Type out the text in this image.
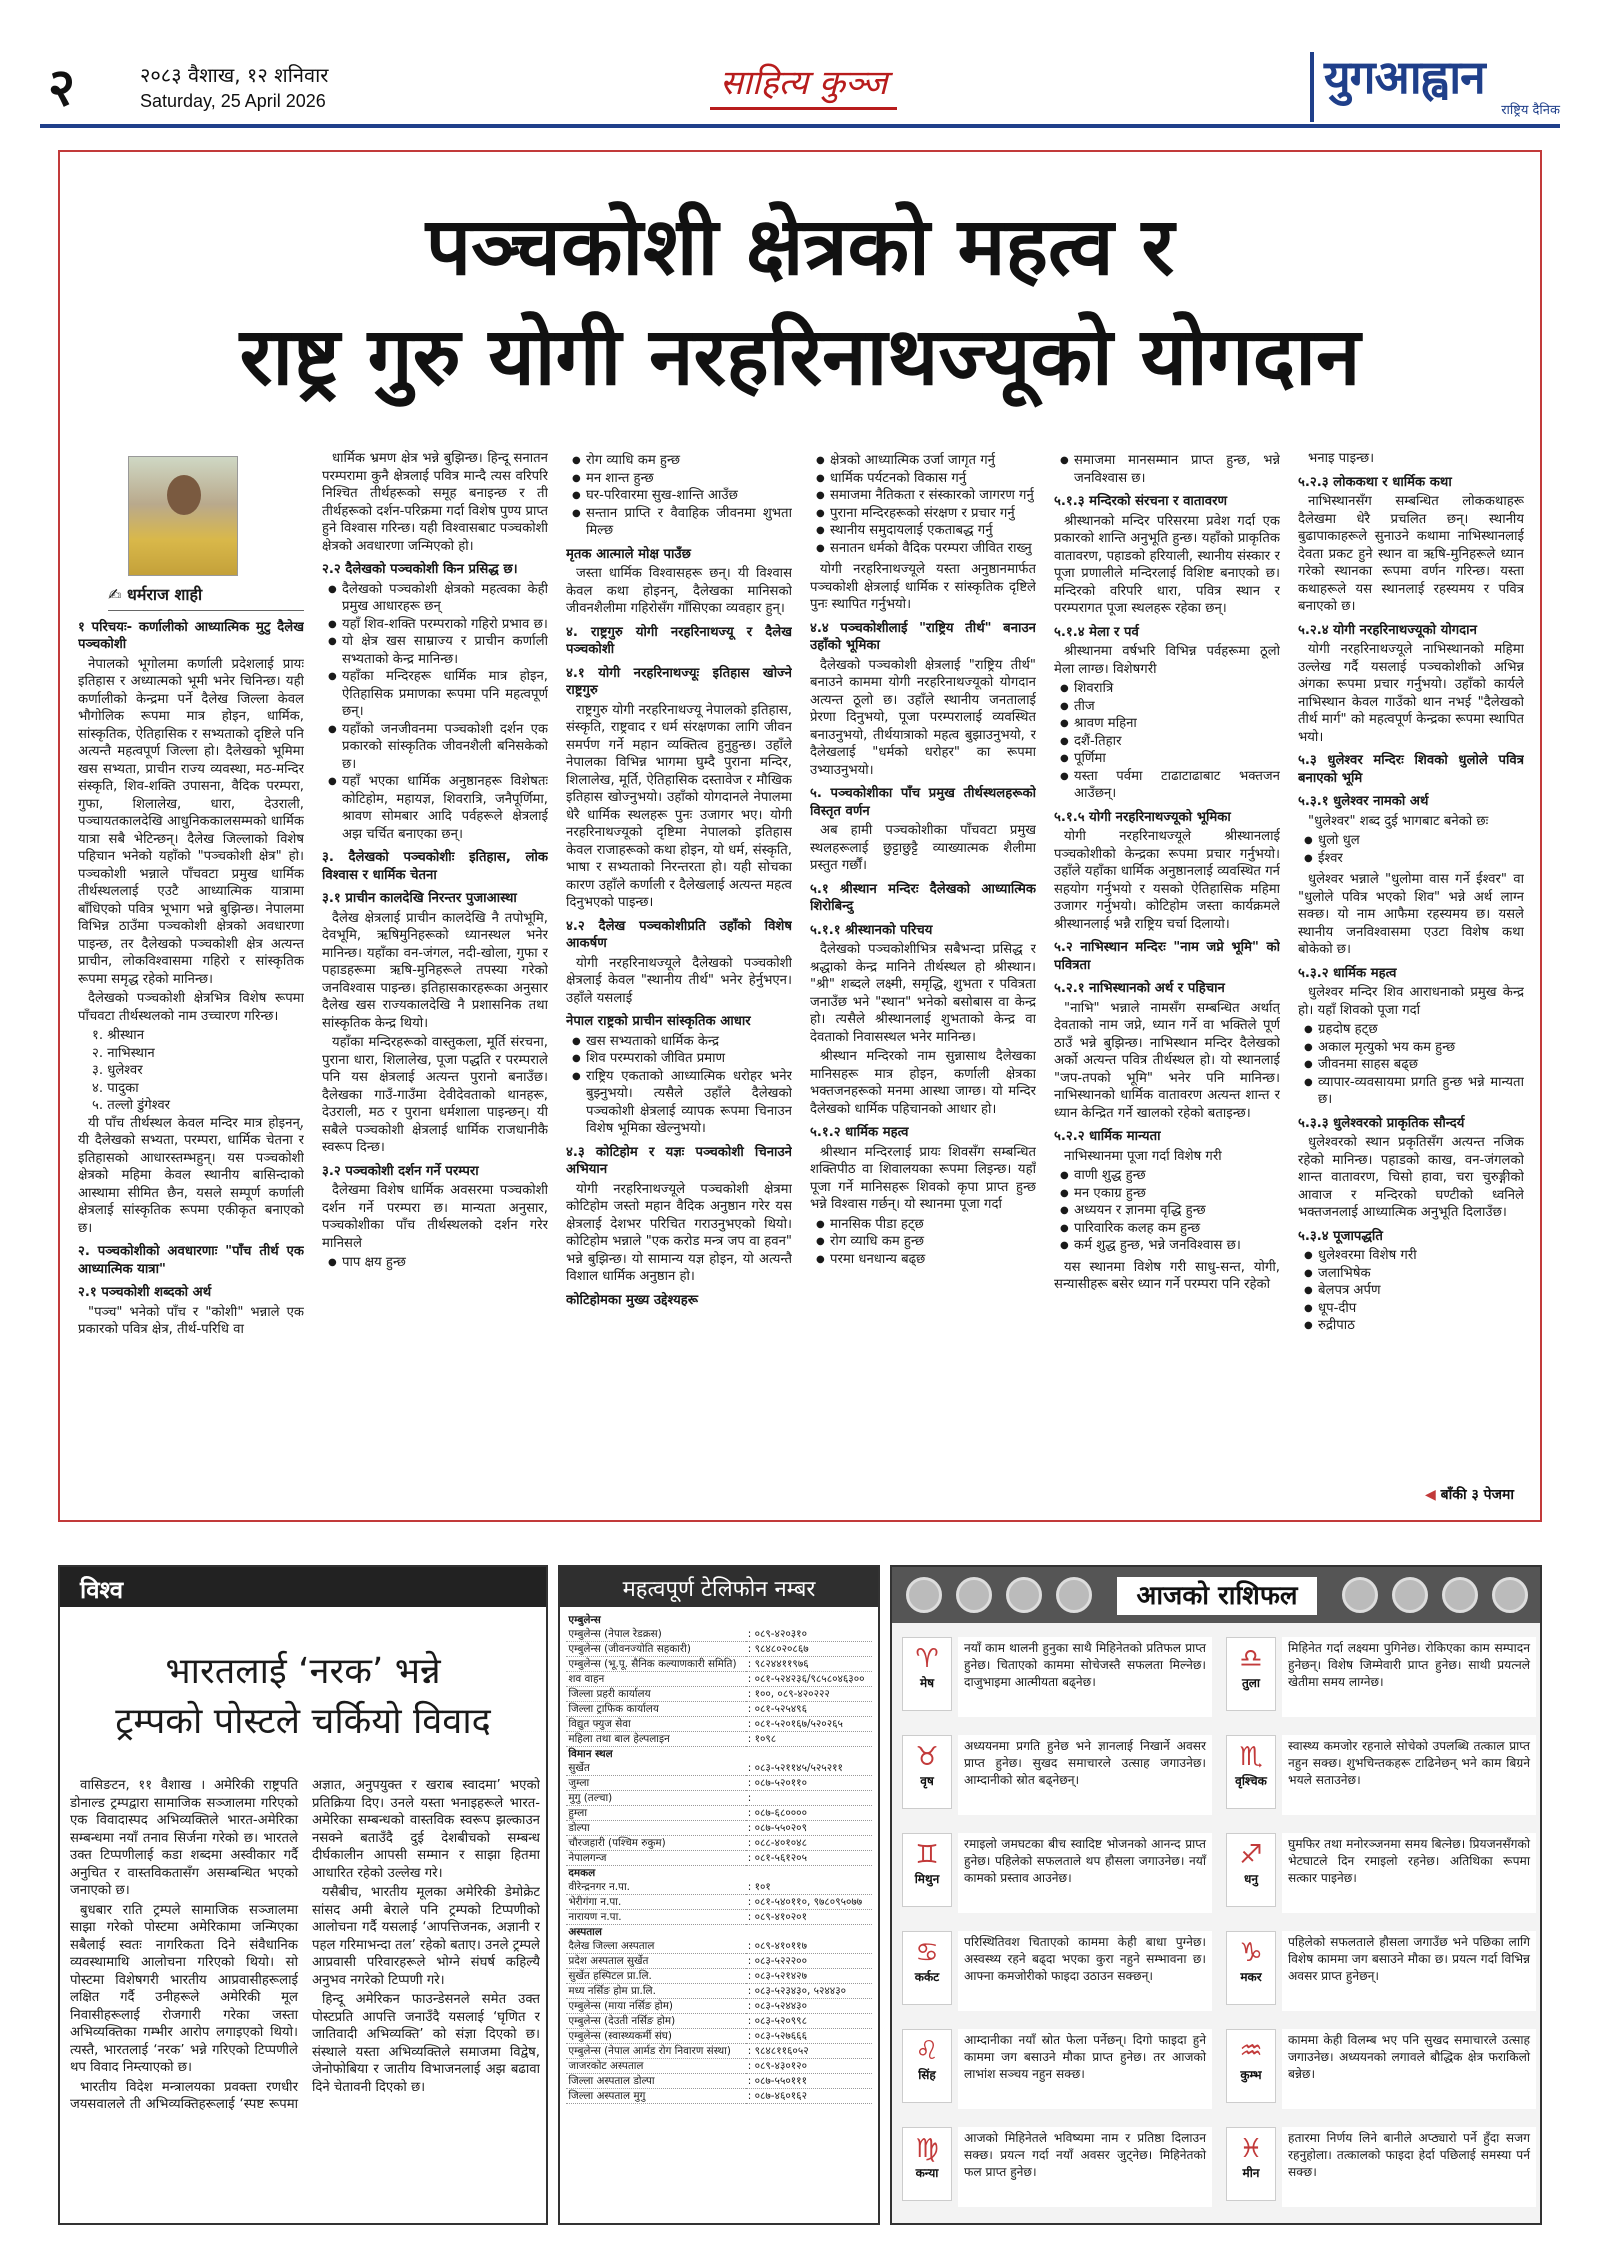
२	२०८३ वैशाख, १२ शनिवार
Saturday, 25 April 2026	साहित्य कुञ्ज	युगआह्वान
राष्ट्रिय दैनिक
पञ्चकोशी क्षेत्रको महत्व र
राष्ट्र गुरु योगी नरहरिनाथज्यूको योगदान
✍ धर्मराज शाही
१ परिचयः- कर्णालीको आध्यात्मिक मुटु दैलेख पञ्चकोशी

नेपालको भूगोलमा कर्णाली प्रदेशलाई प्रायः इतिहास र अध्यात्मको भूमी भनेर चिनिन्छ। यही कर्णालीको केन्द्रमा पर्ने दैलेख जिल्ला केवल भौगोलिक रूपमा मात्र होइन, धार्मिक, सांस्कृतिक, ऐतिहासिक र सभ्यताको दृष्टिले पनि अत्यन्तै महत्वपूर्ण जिल्ला हो। दैलेखको भूमिमा खस सभ्यता, प्राचीन राज्य व्यवस्था, मठ-मन्दिर संस्कृति, शिव-शक्ति उपासना, वैदिक परम्परा, गुफा, शिलालेख, धारा, देउराली, पञ्चायतकालदेखि आधुनिककालसम्मको धार्मिक यात्रा सबै भेटिन्छन्। दैलेख जिल्लाको विशेष पहिचान भनेको यहाँको "पञ्चकोशी क्षेत्र" हो। पञ्चकोशी भन्नाले पाँचवटा प्रमुख धार्मिक तीर्थस्थललाई एउटै आध्यात्मिक यात्रामा बाँधिएको पवित्र भूभाग भन्ने बुझिन्छ। नेपालमा विभिन्न ठाउँमा पञ्चकोशी क्षेत्रको अवधारणा पाइन्छ, तर दैलेखको पञ्चकोशी क्षेत्र अत्यन्त प्राचीन, लोकविश्वासमा गहिरो र सांस्कृतिक रूपमा समृद्ध रहेको मानिन्छ।

दैलेखको पञ्चकोशी क्षेत्रभित्र विशेष रूपमा पाँचवटा तीर्थस्थलको नाम उच्चारण गरिन्छ।

१. श्रीस्थान
२. नाभिस्थान
३. धुलेश्वर
४. पादुका
५. तल्लो डुंगेश्वर

यी पाँच तीर्थस्थल केवल मन्दिर मात्र होइनन्, यी दैलेखको सभ्यता, परम्परा, धार्मिक चेतना र इतिहासको आधारस्तम्भहुन्। यस पञ्चकोशी क्षेत्रको महिमा केवल स्थानीय बासिन्दाको आस्थामा सीमित छैन, यसले सम्पूर्ण कर्णाली क्षेत्रलाई सांस्कृतिक रूपमा एकीकृत बनाएको छ।

२. पञ्चकोशीको अवधारणाः "पाँच तीर्थ एक आध्यात्मिक यात्रा"
२.१ पञ्चकोशी शब्दको अर्थ

"पञ्च" भनेको पाँच र "कोशी" भन्नाले एक प्रकारको पवित्र क्षेत्र, तीर्थ-परिधि वा

धार्मिक भ्रमण क्षेत्र भन्ने बुझिन्छ। हिन्दू सनातन परम्परामा कुनै क्षेत्रलाई पवित्र मान्दै त्यस वरिपरि निश्चित तीर्थहरूको समूह बनाइन्छ र ती तीर्थहरूको दर्शन-परिक्रमा गर्दा विशेष पुण्य प्राप्त हुने विश्वास गरिन्छ। यही विश्वासबाट पञ्चकोशी क्षेत्रको अवधारणा जन्मिएको हो।

२.२ दैलेखको पञ्चकोशी किन प्रसिद्ध छ।
● दैलेखको पञ्चकोशी क्षेत्रको महत्वका केही प्रमुख आधारहरू छन्
● यहाँ शिव-शक्ति परम्पराको गहिरो प्रभाव छ।
● यो क्षेत्र खस साम्राज्य र प्राचीन कर्णाली सभ्यताको केन्द्र मानिन्छ।
● यहाँका मन्दिरहरू धार्मिक मात्र होइन, ऐतिहासिक प्रमाणका रूपमा पनि महत्वपूर्ण छन्।
● यहाँको जनजीवनमा पञ्चकोशी दर्शन एक प्रकारको सांस्कृतिक जीवनशैली बनिसकेको छ।
● यहाँ भएका धार्मिक अनुष्ठानहरू विशेषतः कोटिहोम, महायज्ञ, शिवरात्रि, जनैपूर्णिमा, श्रावण सोमबार आदि पर्वहरूले क्षेत्रलाई अझ चर्चित बनाएका छन्।
३. दैलेखको पञ्चकोशीः इतिहास, लोक विश्वास र धार्मिक चेतना
३.१ प्राचीन कालदेखि निरन्तर पुजाआस्था

दैलेख क्षेत्रलाई प्राचीन कालदेखि नै तपोभूमि, देवभूमि, ऋषिमुनिहरूको ध्यानस्थल भनेर मानिन्छ। यहाँका वन-जंगल, नदी-खोला, गुफा र पहाडहरूमा ऋषि-मुनिहरूले तपस्या गरेको जनविश्वास पाइन्छ। इतिहासकारहरूका अनुसार दैलेख खस राज्यकालदेखि नै प्रशासनिक तथा सांस्कृतिक केन्द्र थियो।

यहाँका मन्दिरहरूको वास्तुकला, मूर्ति संरचना, पुराना धारा, शिलालेख, पूजा पद्धति र परम्पराले पनि यस क्षेत्रलाई अत्यन्त पुरानो बनाउँछ। दैलेखका गाउँ-गाउँमा देवीदेवताको थानहरू, देउराली, मठ र पुराना धर्मशाला पाइन्छन्। यी सबैले पञ्चकोशी क्षेत्रलाई धार्मिक राजधानीकै स्वरूप दिन्छ।

३.२ पञ्चकोशी दर्शन गर्ने परम्परा

दैलेखमा विशेष धार्मिक अवसरमा पञ्चकोशी दर्शन गर्ने परम्परा छ। मान्यता अनुसार, पञ्चकोशीका पाँच तीर्थस्थलको दर्शन गरेर मानिसले

● पाप क्षय हुन्छ
● रोग व्याधि कम हुन्छ
● मन शान्त हुन्छ
● घर-परिवारमा सुख-शान्ति आउँछ
● सन्तान प्राप्ति र वैवाहिक जीवनमा शुभता मिल्छ
मृतक आत्माले मोक्ष पाउँछ

जस्ता धार्मिक विश्वासहरू छन्। यी विश्वास केवल कथा होइनन्, दैलेखका मानिसको जीवनशैलीमा गहिरोसँग गाँसिएका व्यवहार हुन्।

४. राष्ट्रगुरु योगी नरहरिनाथज्यू र दैलेख पञ्चकोशी
४.१ योगी नरहरिनाथज्यूः इतिहास खोज्ने राष्ट्रगुरु

राष्ट्रगुरु योगी नरहरिनाथज्यू नेपालको इतिहास, संस्कृति, राष्ट्रवाद र धर्म संरक्षणका लागि जीवन समर्पण गर्ने महान व्यक्तित्व हुनुहुन्छ। उहाँले नेपालका विभिन्न भागमा घुम्दै पुराना मन्दिर, शिलालेख, मूर्ति, ऐतिहासिक दस्तावेज र मौखिक इतिहास खोज्नुभयो। उहाँको योगदानले नेपालमा धेरै धार्मिक स्थलहरू पुनः उजागर भए। योगी नरहरिनाथज्यूको दृष्टिमा नेपालको इतिहास केवल राजाहरूको कथा होइन, यो धर्म, संस्कृति, भाषा र सभ्यताको निरन्तरता हो। यही सोचका कारण उहाँले कर्णाली र दैलेखलाई अत्यन्त महत्व दिनुभएको पाइन्छ।

४.२ दैलेख पञ्चकोशीप्रति उहाँको विशेष आकर्षण

योगी नरहरिनाथज्यूले दैलेखको पञ्चकोशी क्षेत्रलाई केवल "स्थानीय तीर्थ" भनेर हेर्नुभएन। उहाँले यसलाई

नेपाल राष्ट्रको प्राचीन सांस्कृतिक आधार
● खस सभ्यताको धार्मिक केन्द्र
● शिव परम्पराको जीवित प्रमाण
● राष्ट्रिय एकताको आध्यात्मिक धरोहर भनेर बुझ्नुभयो। त्यसैले उहाँले दैलेखको पञ्चकोशी क्षेत्रलाई व्यापक रूपमा चिनाउन विशेष भूमिका खेल्नुभयो।
४.३ कोटिहोम र यज्ञः पञ्चकोशी चिनाउने अभियान

योगी नरहरिनाथज्यूले पञ्चकोशी क्षेत्रमा कोटिहोम जस्तो महान वैदिक अनुष्ठान गरेर यस क्षेत्रलाई देशभर परिचित गराउनुभएको थियो। कोटिहोम भन्नाले "एक करोड मन्त्र जप वा हवन" भन्ने बुझिन्छ। यो सामान्य यज्ञ होइन, यो अत्यन्तै विशाल धार्मिक अनुष्ठान हो।

कोटिहोमका मुख्य उद्देश्यहरू
● क्षेत्रको आध्यात्मिक उर्जा जागृत गर्नु
● धार्मिक पर्यटनको विकास गर्नु
● समाजमा नैतिकता र संस्कारको जागरण गर्नु
● पुराना मन्दिरहरूको संरक्षण र प्रचार गर्नु
● स्थानीय समुदायलाई एकताबद्ध गर्नु
● सनातन धर्मको वैदिक परम्परा जीवित राख्नु

योगी नरहरिनाथज्यूले यस्ता अनुष्ठानमार्फत पञ्चकोशी क्षेत्रलाई धार्मिक र सांस्कृतिक दृष्टिले पुनः स्थापित गर्नुभयो।

४.४ पञ्चकोशीलाई "राष्ट्रिय तीर्थ" बनाउन उहाँको भूमिका

दैलेखको पञ्चकोशी क्षेत्रलाई "राष्ट्रिय तीर्थ" बनाउने काममा योगी नरहरिनाथज्यूको योगदान अत्यन्त ठूलो छ। उहाँले स्थानीय जनतालाई प्रेरणा दिनुभयो, पूजा परम्परालाई व्यवस्थित बनाउनुभयो, तीर्थयात्राको महत्व बुझाउनुभयो, र दैलेखलाई "धर्मको धरोहर" का रूपमा उभ्याउनुभयो।

५. पञ्चकोशीका पाँच प्रमुख तीर्थस्थलहरूको विस्तृत वर्णन

अब हामी पञ्चकोशीका पाँचवटा प्रमुख स्थलहरूलाई छुट्टाछुट्टै व्याख्यात्मक शैलीमा प्रस्तुत गर्छौं।

५.१ श्रीस्थान मन्दिरः दैलेखको आध्यात्मिक शिरोबिन्दु
५.१.१ श्रीस्थानको परिचय

दैलेखको पञ्चकोशीभित्र सबैभन्दा प्रसिद्ध र श्रद्धाको केन्द्र मानिने तीर्थस्थल हो श्रीस्थान। "श्री" शब्दले लक्ष्मी, समृद्धि, शुभता र पवित्रता जनाउँछ भने "स्थान" भनेको बसोबास वा केन्द्र हो। त्यसैले श्रीस्थानलाई शुभताको केन्द्र वा देवताको निवासस्थल भनेर मानिन्छ।

श्रीस्थान मन्दिरको नाम सुन्नासाथ दैलेखका मानिसहरू मात्र होइन, कर्णाली क्षेत्रका भक्तजनहरूको मनमा आस्था जाग्छ। यो मन्दिर दैलेखको धार्मिक पहिचानको आधार हो।

५.१.२ धार्मिक महत्व

श्रीस्थान मन्दिरलाई प्रायः शिवसँग सम्बन्धित शक्तिपीठ वा शिवालयका रूपमा लिइन्छ। यहाँ पूजा गर्ने मानिसहरू शिवको कृपा प्राप्त हुन्छ भन्ने विश्वास गर्छन्। यो स्थानमा पूजा गर्दा

● मानसिक पीडा हट्छ
● रोग व्याधि कम हुन्छ
● परमा धनधान्य बढ्छ
● समाजमा मानसम्मान प्राप्त हुन्छ, भन्ने जनविश्वास छ।
५.१.३ मन्दिरको संरचना र वातावरण

श्रीस्थानको मन्दिर परिसरमा प्रवेश गर्दा एक प्रकारको शान्ति अनुभूति हुन्छ। यहाँको प्राकृतिक वातावरण, पहाडको हरियाली, स्थानीय संस्कार र पूजा प्रणालीले मन्दिरलाई विशिष्ट बनाएको छ। मन्दिरको वरिपरि धारा, पवित्र स्थान र परम्परागत पूजा स्थलहरू रहेका छन्।

५.१.४ मेला र पर्व

श्रीस्थानमा वर्षभरि विभिन्न पर्वहरूमा ठूलो मेला लाग्छ। विशेषगरी

● शिवरात्रि
● तीज
● श्रावण महिना
● दशैं-तिहार
● पूर्णिमा
● यस्ता पर्वमा टाढाटाढाबाट भक्तजन आउँछन्।
५.१.५ योगी नरहरिनाथज्यूको भूमिका

योगी नरहरिनाथज्यूले श्रीस्थानलाई पञ्चकोशीको केन्द्रका रूपमा प्रचार गर्नुभयो। उहाँले यहाँका धार्मिक अनुष्ठानलाई व्यवस्थित गर्न सहयोग गर्नुभयो र यसको ऐतिहासिक महिमा उजागर गर्नुभयो। कोटिहोम जस्ता कार्यक्रमले श्रीस्थानलाई भन्नै राष्ट्रिय चर्चा दिलायो।

५.२ नाभिस्थान मन्दिरः "नाम जप्ने भूमि" को पवित्रता
५.२.१ नाभिस्थानको अर्थ र पहिचान

"नाभि" भन्नाले नामसँग सम्बन्धित अर्थात् देवताको नाम जप्ने, ध्यान गर्ने वा भक्तिले पूर्ण ठाउँ भन्ने बुझिन्छ। नाभिस्थान मन्दिर दैलेखको अर्को अत्यन्त पवित्र तीर्थस्थल हो। यो स्थानलाई "जप-तपको भूमि" भनेर पनि मानिन्छ। नाभिस्थानको धार्मिक वातावरण अत्यन्त शान्त र ध्यान केन्द्रित गर्ने खालको रहेको बताइन्छ।

५.२.२ धार्मिक मान्यता

नाभिस्थानमा पूजा गर्दा विशेष गरी

● वाणी शुद्ध हुन्छ
● मन एकाग्र हुन्छ
● अध्ययन र ज्ञानमा वृद्धि हुन्छ
● पारिवारिक कलह कम हुन्छ
● कर्म शुद्ध हुन्छ, भन्ने जनविश्वास छ।

यस स्थानमा विशेष गरी साधु-सन्त, योगी, सन्यासीहरू बसेर ध्यान गर्ने परम्परा पनि रहेको

भनाइ पाइन्छ।

५.२.३ लोककथा र धार्मिक कथा

नाभिस्थानसँग सम्बन्धित लोककथाहरू दैलेखमा धेरै प्रचलित छन्। स्थानीय बुढापाकाहरूले सुनाउने कथामा नाभिस्थानलाई देवता प्रकट हुने स्थान वा ऋषि-मुनिहरूले ध्यान गरेको स्थानका रूपमा वर्णन गरिन्छ। यस्ता कथाहरूले यस स्थानलाई रहस्यमय र पवित्र बनाएको छ।

५.२.४ योगी नरहरिनाथज्यूको योगदान

योगी नरहरिनाथज्यूले नाभिस्थानको महिमा उल्लेख गर्दै यसलाई पञ्चकोशीको अभिन्न अंगका रूपमा प्रचार गर्नुभयो। उहाँको कार्यले नाभिस्थान केवल गाउँको थान नभई "दैलेखको तीर्थ मार्ग" को महत्वपूर्ण केन्द्रका रूपमा स्थापित भयो।

५.३ धुलेश्वर मन्दिरः शिवको धुलोले पवित्र बनाएको भूमि
५.३.१ धुलेश्वर नामको अर्थ

"धुलेश्वर" शब्द दुई भागबाट बनेको छः

● धुलो धुल
● ईश्वर

धुलेश्वर भन्नाले "धुलोमा वास गर्ने ईश्वर" वा "धुलोले पवित्र भएको शिव" भन्ने अर्थ लाग्न सक्छ। यो नाम आफैमा रहस्यमय छ। यसले स्थानीय जनविश्वासमा एउटा विशेष कथा बोकेको छ।

५.३.२ धार्मिक महत्व

धुलेश्वर मन्दिर शिव आराधनाको प्रमुख केन्द्र हो। यहाँ शिवको पूजा गर्दा

● ग्रहदोष हट्छ
● अकाल मृत्युको भय कम हुन्छ
● जीवनमा साहस बढ्छ
● व्यापार-व्यवसायमा प्रगति हुन्छ भन्ने मान्यता छ।
५.३.३ धुलेश्वरको प्राकृतिक सौन्दर्य

धुलेश्वरको स्थान प्रकृतिसँग अत्यन्त नजिक रहेको मानिन्छ। पहाडको काख, वन-जंगलको शान्त वातावरण, चिसो हावा, चरा चुरुङ्गीको आवाज र मन्दिरको घण्टीको ध्वनिले भक्तजनलाई आध्यात्मिक अनुभूति दिलाउँछ।

५.३.४ पूजापद्धति
● धुलेश्वरमा विशेष गरी
● जलाभिषेक
● बेलपत्र अर्पण
● धूप-दीप
● रुद्रीपाठ
◀ बाँकी ३ पेजमा
विश्व
भारतलाई ‘नरक’ भन्ने
ट्रम्पको पोस्टले चर्कियो विवाद

वासिङटन, ११ वैशाख । अमेरिकी राष्ट्रपति डोनाल्ड ट्रम्पद्वारा सामाजिक सञ्जालमा गरिएको एक विवादास्पद अभिव्यक्तिले भारत-अमेरिका सम्बन्धमा नयाँ तनाव सिर्जना गरेको छ। भारतले उक्त टिप्पणीलाई कडा शब्दमा अस्वीकार गर्दै अनुचित र वास्तविकतासँग असम्बन्धित भएको जनाएको छ।

बुधबार राति ट्रम्पले सामाजिक सञ्जालमा साझा गरेको पोस्टमा अमेरिकामा जन्मिएका सबैलाई स्वतः नागरिकता दिने संवैधानिक व्यवस्थामाथि आलोचना गरिएको थियो। सो पोस्टमा विशेषगरी भारतीय आप्रवासीहरूलाई लक्षित गर्दै उनीहरूले अमेरिकी मूल निवासीहरूलाई रोजगारी गरेका जस्ता अभिव्यक्तिका गम्भीर आरोप लगाइएको थियो। त्यस्तै, भारतलाई ‘नरक’ भन्ने गरिएको टिप्पणीले थप विवाद निम्त्याएको छ।

भारतीय विदेश मन्त्रालयका प्रवक्ता रणधीर जयसवालले ती अभिव्यक्तिहरूलाई ‘स्पष्ट रूपमा अज्ञात, अनुपयुक्त र खराब स्वादमा’ भएको प्रतिक्रिया दिए। उनले यस्ता भनाइहरूले भारत-अमेरिका सम्बन्धको वास्तविक स्वरूप झल्काउन नसक्ने बताउँदै दुई देशबीचको सम्बन्ध दीर्घकालीन आपसी सम्मान र साझा हितमा आधारित रहेको उल्लेख गरे।

यसैबीच, भारतीय मूलका अमेरिकी डेमोक्रेट सांसद अमी बेराले पनि ट्रम्पको टिप्पणीको आलोचना गर्दै यसलाई ‘आपत्तिजनक, अज्ञानी र पहल गरिमाभन्दा तल’ रहेको बताए। उनले ट्रम्पले आप्रवासी परिवारहरूले भोग्ने संघर्ष कहिल्यै अनुभव नगरेको टिप्पणी गरे।

हिन्दू अमेरिकन फाउन्डेसनले समेत उक्त पोस्टप्रति आपत्ति जनाउँदै यसलाई ‘घृणित र जातिवादी अभिव्यक्ति’ को संज्ञा दिएको छ। संस्थाले यस्ता अभिव्यक्तिले समाजमा विद्वेष, जेनोफोबिया र जातीय विभाजनलाई अझ बढावा दिने चेतावनी दिएको छ।

महत्वपूर्ण टेलिफोन नम्बर
एम्बुलेन्स	
एम्बुलेन्स (नेपाल रेडक्रस)	: ०८९-४२०३१०
एम्बुलेन्स (जीवनज्योति सहकारी)	: ९८४८०२०८६७
एम्बुलेन्स (भू.पू. सैनिक कल्याणकारी समिति)	: ९८२४४११९७६
शव वाहन	: ०८१-५२४२३६/९८५८०४६३००
जिल्ला प्रहरी कार्यालय	: १००, ०८९-४२०२२२
जिल्ला ट्राफिक कार्यालय	: ०८१-५२५४९६
विद्युत फ्युज सेवा	: ०८१-५२०१६७/५२०२६५
महिला तथा बाल हेल्पलाइन	: १०९८
विमान स्थल	
सुर्खेत	: ०८३-५२११४५/५२५२११
जुम्ला	: ०८७-५२०११०
मुगु (तल्चा)	:
हुम्ला	: ०८७-६८००००
डोल्पा	: ०८७-५५०२०९
चौरजहारी (पश्चिम रुकुम)	: ०८८-४०१०४८
नेपालगन्ज	: ०८१-५६१२०५
दमकल	
वीरेन्द्रनगर न.पा.	: १०१
भेरीगंगा न.पा.	: ०८१-५४०११०, ९७८०९५०७७
नारायण न.पा.	: ०८९-४१०२०१
अस्पताल	
दैलेख जिल्ला अस्पताल	: ०८९-४१०११७
प्रदेश अस्पताल सुर्खेत	: ०८३-५२२२००
सुर्खेत हस्पिटल प्रा.लि.	: ०८३-५२१४२७
मध्य नर्सिङ होम प्रा.लि.	: ०८३-५२३४३०, ५२४४३०
एम्बुलेन्स (माया नर्सिङ होम)	: ०८३-५२४४३०
एम्बुलेन्स (देउती नर्सिङ होम)	: ०८३-५२०९९८
एम्बुलेन्स (स्वास्थ्यकर्मी संघ)	: ०८३-५२७६६६
एम्बुलेन्स (नेपाल आर्मड रोग निवारण संस्था)	: ९८४८११६०५२
जाजरकोट अस्पताल	: ०८९-४३०१२०
जिल्ला अस्पताल डोल्पा	: ०८७-५५०१११
जिल्ला अस्पताल मुगु	: ०८७-४६०१६२
आजको राशिफल
♈
मेष
नयाँ काम थालनी हुनुका साथै मिहिनेतको प्रतिफल प्राप्त हुनेछ। चिताएको काममा सोचेजस्तै सफलता मिल्नेछ। दाजुभाइमा आत्मीयता बढ्नेछ।
♎
तुला
मिहिनेत गर्दा लक्ष्यमा पुगिनेछ। रोकिएका काम सम्पादन हुनेछन्। विशेष जिम्मेवारी प्राप्त हुनेछ। साथी प्रयत्नले खेतीमा समय लाग्नेछ।
♉
वृष
अध्ययनमा प्रगति हुनेछ भने ज्ञानलाई निखार्ने अवसर प्राप्त हुनेछ। सुखद समाचारले उत्साह जगाउनेछ। आम्दानीको स्रोत बढ्नेछन्।
♏
वृश्चिक
स्वास्थ्य कमजोर रहनाले सोचेको उपलब्धि तत्काल प्राप्त नहुन सक्छ। शुभचिन्तकहरू टाढिनेछन् भने काम बिग्रने भयले सताउनेछ।
♊
मिथुन
रमाइलो जमघटका बीच स्वादिष्ट भोजनको आनन्द प्राप्त हुनेछ। पहिलेको सफलताले थप हौसला जगाउनेछ। नयाँ कामको प्रस्ताव आउनेछ।
♐
धनु
घुमफिर तथा मनोरञ्जनमा समय बित्नेछ। प्रियजनसँगको भेटघाटले दिन रमाइलो रहनेछ। अतिथिका रूपमा सत्कार पाइनेछ।
♋
कर्कट
परिस्थितिवश चिताएको काममा केही बाधा पुग्नेछ। अस्वस्थ्य रहने बढ्दा भएका कुरा नहुने सम्भावना छ। आफ्ना कमजोरीको फाइदा उठाउन सक्छन्।
♑
मकर
पहिलेको सफलताले हौसला जगाउँछ भने पछिका लागि विशेष काममा जग बसाउने मौका छ। प्रयत्न गर्दा विभिन्न अवसर प्राप्त हुनेछन्।
♌
सिंह
आम्दानीका नयाँ स्रोत फेला पर्नेछन्। दिगो फाइदा हुने काममा जग बसाउने मौका प्राप्त हुनेछ। तर आजको लाभांश सञ्चय नहुन सक्छ।
♒
कुम्भ
काममा केही विलम्ब भए पनि सुखद समाचारले उत्साह जगाउनेछ। अध्ययनको लगावले बौद्धिक क्षेत्र फराकिलो बन्नेछ।
♍
कन्या
आजको मिहिनेतले भविष्यमा नाम र प्रतिष्ठा दिलाउन सक्छ। प्रयत्न गर्दा नयाँ अवसर जुट्नेछ। मिहिनेतको फल प्राप्त हुनेछ।
♓
मीन
हतारमा निर्णय लिने बानीले अप्ठ्यारो पर्ने हुँदा सजग रहनुहोला। तत्कालको फाइदा हेर्दा पछिलाई समस्या पर्न सक्छ।
